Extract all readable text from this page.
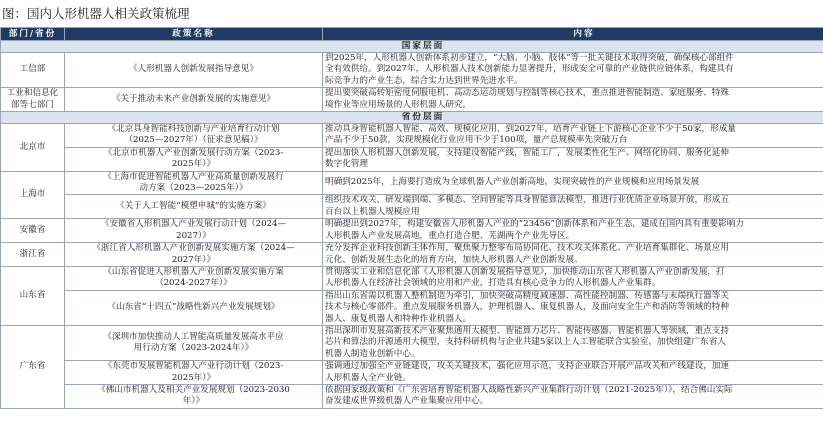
图：国内人形机器人相关政策梳理
部门/省份	政策名称	内容
国家层面		

工信部	《人形机器人创新发展指导意见》	到2025年，人形机器人创新体系初步建立，“大脑、小脑、肢体”等一批关键技术取得突破，确保核心部组件
全有效供给。到2027年，人形机器人技术创新能力显著提升，形成安全可靠的产业链供应链体系，构建具有
际竞争力的产业生态，综合实力达到世界先进水平。

工业和信息化
部等七部门	《关于推动未来产业创新发展的实施意见》	提出要突破高转矩密度伺服电机、高动态运动规划与控制等核心技术，重点推进智能制造、家庭服务、特殊
境作业等应用场景的人形机器人研究。

省份层面		

北京市	《北京具身智能科技创新与产业培育行动计划
（2025—2027年）（征求意见稿）》	推动具身智能机器人智能、高效、规模化应用，到2027年，培育产业链上下游核心企业不少于50家，形成量
产品不少于50款，实现规模化行业应用不少于100项，量产总规模率先突破万台

	《北京市机器人产业创新发展行动方案（2023-
2025年）》	提出加快人形机器人创新发展，支持建设智能产线，智能工厂，发展柔性化生产、网络化协同、服务化延伸
数字化管理

上海市	《上海市促进智能机器人产业高质量创新发展行
动方案（2023—2025年）》	明确到2025年，上海要打造成为全球机器人产业创新高地，实现突破性的产业规模和应用场景发展

	《关于人工智能“模塑申城”的实施方案》	组织技术攻关，研发端到端、多模态、空间智能等具身智能算法模型，推进行业优质企业场景开放，形成五
百台以上机器人规模应用

安徽省	《安徽省人形机器人产业发展行动计划（2024—
2027）》	明确提出到2027年，构建安徽省人形机器人产业的“23456”创新体系和产业生态，建成在国内具有重要影响力
人形机器人产业发展高地，重点打造合肥、芜湖两个产业先导区。

浙江省	《浙江省人形机器人产业创新发展实施方案（2024—
2027年）》	充分发挥企业科技创新主体作用，聚焦聚力整零布局协同化、技术攻关体系化、产业培育集群化、场景应用
元化、创新发展生态化的培育方向，加快人形机器人产业创新发展。

山东省	《山东省促进人形机器人产业创新发展实施方案
（2024-2027年）》	贯彻落实工业和信息化部《人形机器人创新发展指导意见》，加快推动山东省人形机器人产业创新发展，打
人形机器人在经济社会领域的应用和产业，打造具有核心竞争力的人形机器人产业集群。

	《山东省“十四五”战略性新兴产业发展规划》	指出山东省需以机器人整机制造为牵引，加快突破高精度减速器、高性能控制器、传感器与末端执行器等关
技术与核心零部件。重点发展服务机器人，护理机器人、康复机器人，及面向安全生产和消防等领域的特种
器人、康复机器人和特种作业机器人。

广东省	《深圳市加快推动人工智能高质量发展高水平应
用行动方案（2023-2024年）》	指出深圳市发展高新技术产业聚焦通用大模型、智能算力芯片、智能传感器、智能机器人等领域，重点支持
芯片和算法的开源通用大模型，支持科研机构与企业共建5家以上人工智能联合实验室，加快组建广东省人
机器人制造业创新中心。

	《东莞市发展智能机器人产业行动计划（2023-
2025年）》	强调通过加强全产业链建设，攻关关键技术，强化应用示范，支持企业联合开展产品攻关和产线建设，加速
人形机器人全产业链。

	《佛山市机器人及相关产业发展规划（2023-2030
年）》	依据国家级政策和《广东省培育智能机器人战略性新兴产业集群行动计划（2021-2025年）》，结合佛山实际
奋发建成世界级机器人产业集聚应用中心。
